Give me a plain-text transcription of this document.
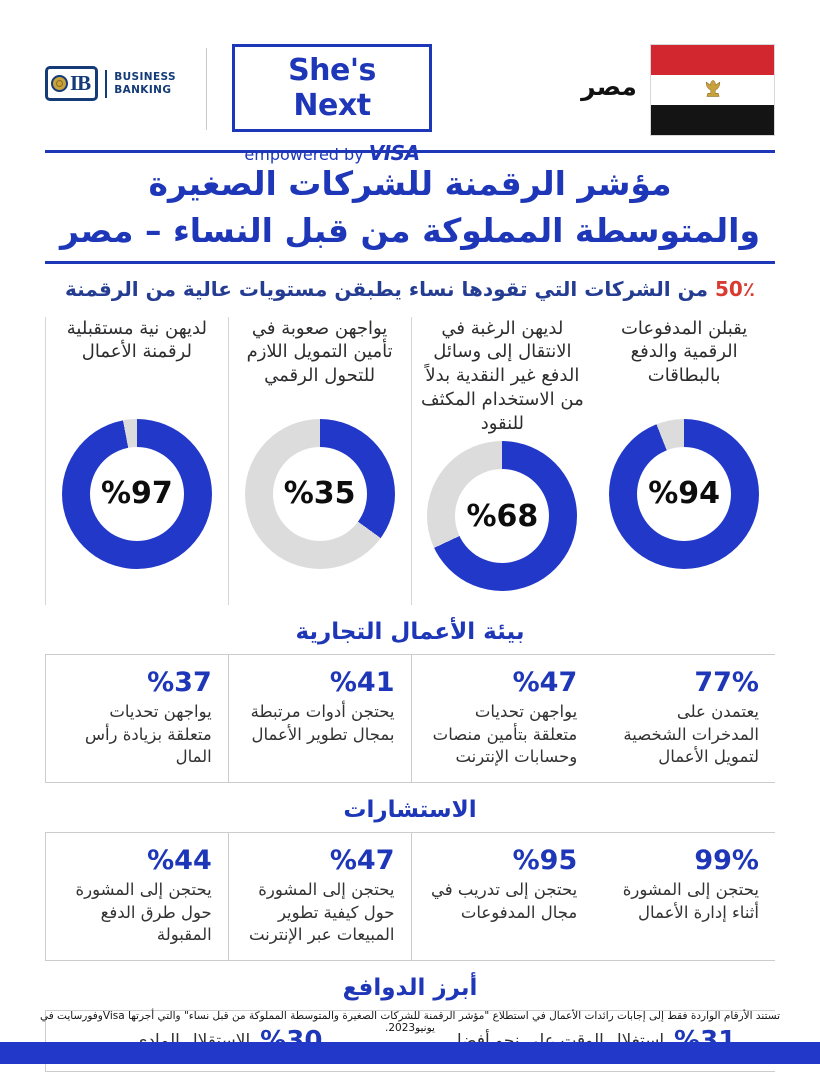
IB BUSINESS
BANKING
She's Next
empowered by VISA
مصر
مؤشر الرقمنة للشركات الصغيرة
والمتوسطة المملوكة من قبل النساء – مصر
من الشركات التي تقودها نساء يطبقن مستويات عالية من الرقمنة 50٪
يقبلن المدفوعات الرقمية والدفع بالبطاقات
%94
لديهن الرغبة في الانتقال إلى وسائل الدفع غير النقدية بدلاً من الاستخدام المكثف للنقود
%68
يواجهن صعوبة في تأمين التمويل اللازم للتحول الرقمي
%35
لديهن نية مستقبلية لرقمنة الأعمال
%97
بيئة الأعمال التجارية
77%
يعتمدن على المدخرات الشخصية لتمويل الأعمال
%47
يواجهن تحديات متعلقة بتأمين منصات وحسابات الإنترنت
%41
يحتجن أدوات مرتبطة بمجال تطوير الأعمال
%37
يواجهن تحديات متعلقة بزيادة رأس المال
الاستشارات
99%
يحتجن إلى المشورة أثناء إدارة الأعمال
%95
يحتجن إلى تدريب في مجال المدفوعات
%47
يحتجن إلى المشورة حول كيفية تطوير المبيعات عبر الإنترنت
%44
يحتجن إلى المشورة حول طرق الدفع المقبولة
أبرز الدوافع
تستند الأرقام الواردة فقط إلى إجابات رائدات الأعمال في استطلاع "مؤشر الرقمنة للشركات الصغيرة والمتوسطة المملوكة من قبل نساء" والتي أجرتها Visaوفورسايت في يونيو2023.
